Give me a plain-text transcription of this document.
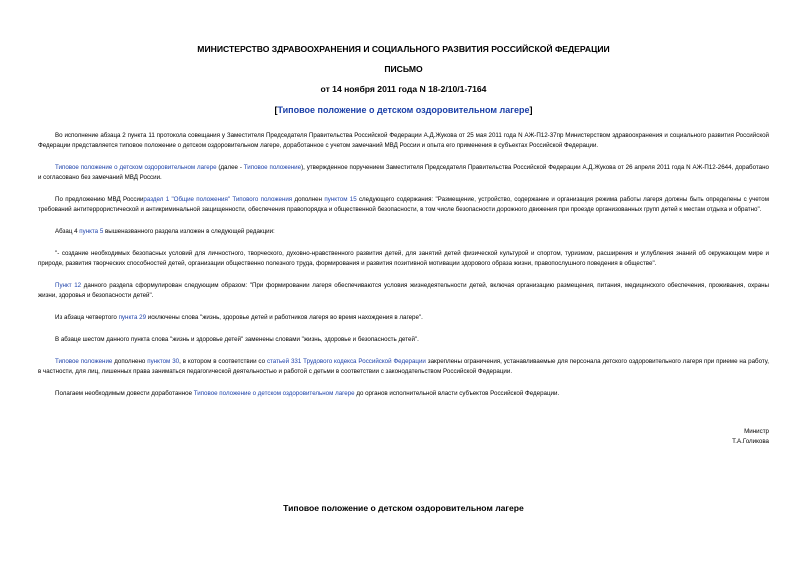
МИНИСТЕРСТВО ЗДРАВООХРАНЕНИЯ И СОЦИАЛЬНОГО РАЗВИТИЯ РОССИЙСКОЙ ФЕДЕРАЦИИ

ПИСЬМО

от 14 ноября 2011 года N 18-2/10/1-7164

[Типовое положение о детском оздоровительном лагере]

Во исполнение абзаца 2 пункта 11 протокола совещания у Заместителя Председателя Правительства Российской Федерации А.Д.Жукова от 25 мая 2011 года N АЖ-П12-37пр Министерством здравоохранения и социального развития Российской Федерации представляется типовое положение о детском оздоровительном лагере, доработанное с учетом замечаний МВД России и опыта его применения в субъектах Российской Федерации.

Типовое положение о детском оздоровительном лагере (далее - Типовое положение), утвержденное поручением Заместителя Председателя Правительства Российской Федерации А.Д.Жукова от 26 апреля 2011 года N АЖ-П12-2644, доработано и согласовано без замечаний МВД России.

По предложению МВД Россиираздел 1 "Общие положения" Типового положения дополнен пунктом 15 следующего содержания: "Размещение, устройство, содержание и организация режима работы лагеря должны быть определены с учетом требований антитеррористической и антикриминальной защищенности, обеспечения правопорядка и общественной безопасности, в том числе безопасности дорожного движения при проезде организованных групп детей к местам отдыха и обратно".

Абзац 4 пункта 5 вышеназванного раздела изложен в следующей редакции:

"- создание необходимых безопасных условий для личностного, творческого, духовно-нравственного развития детей, для занятий детей физической культурой и спортом, туризмом, расширения и углубления знаний об окружающем мире и природе, развития творческих способностей детей, организации общественно полезного труда, формирования и развития позитивной мотивации здорового образа жизни, правопослушного поведения в обществе".

Пункт 12 данного раздела сформулирован следующим образом: "При формировании лагеря обеспечиваются условия жизнедеятельности детей, включая организацию размещения, питания, медицинского обеспечения, проживания, охраны жизни, здоровья и безопасности детей".

Из абзаца четвертого пункта 29 исключены слова "жизнь, здоровье детей и работников лагеря во время нахождения в лагере".

В абзаце шестом данного пункта слова "жизнь и здоровье детей" заменены словами "жизнь, здоровье и безопасность детей".

Типовое положение дополнено пунктом 30, в котором в соответствии со статьей 331 Трудового кодекса Российской Федерации закреплены ограничения, устанавливаемые для персонала детского оздоровительного лагеря при приеме на работу, в частности, для лиц, лишенных права заниматься педагогической деятельностью и работой с детьми в соответствии с законодательством Российской Федерации.

Полагаем необходимым довести доработанное Типовое положение о детском оздоровительном лагере до органов исполнительной власти субъектов Российской Федерации.

Министр
Т.А.Голикова
Типовое положение о детском оздоровительном лагере
